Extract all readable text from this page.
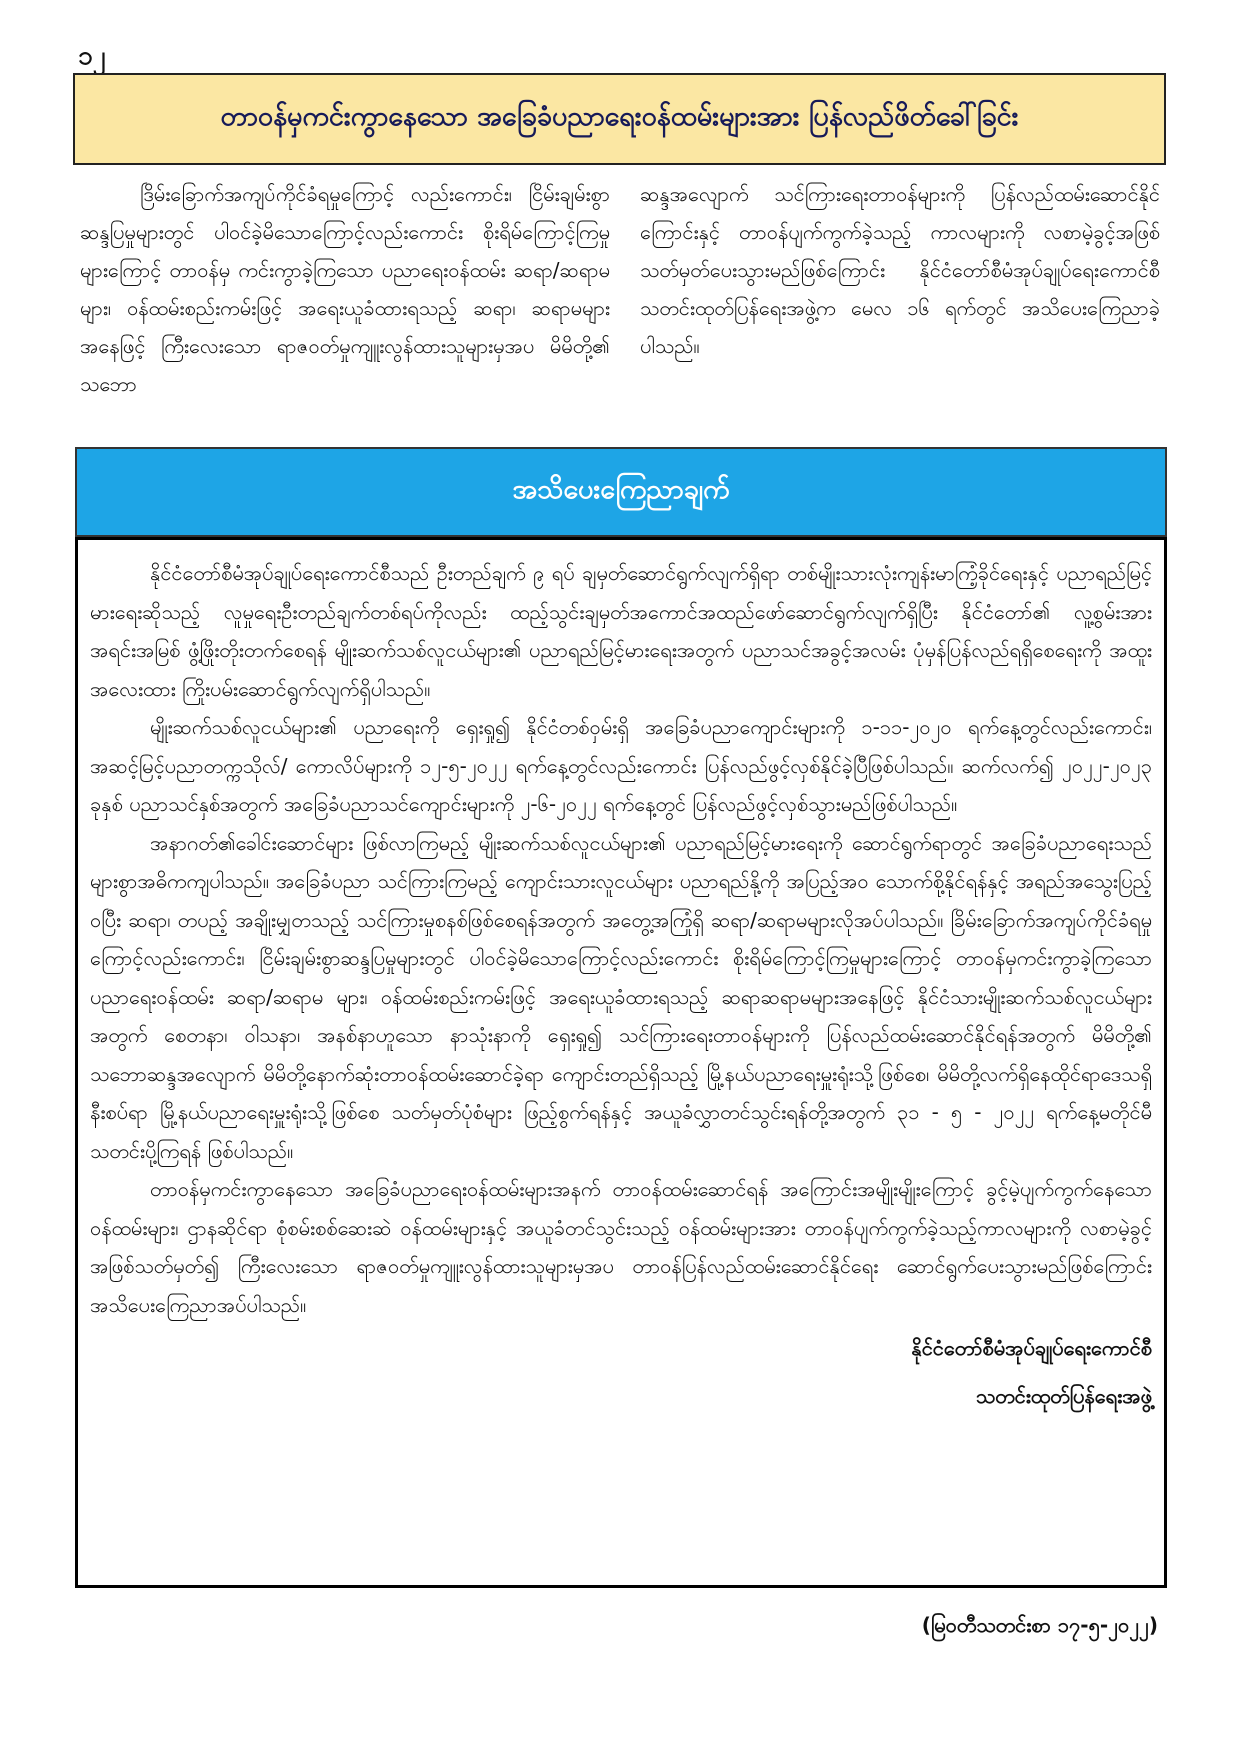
၁၂
တာဝန်မှကင်းကွာနေသော အခြေခံပညာရေးဝန်ထမ်းများအား ပြန်လည်ဖိတ်ခေါ်ခြင်း
ဒြိမ်းခြောက်အကျပ်ကိုင်ခံရမှုကြောင့် လည်းကောင်း၊ ငြိမ်းချမ်းစွာဆန္ဒပြမှုများတွင် ပါဝင်ခဲ့မိသောကြောင့်လည်းကောင်း စိုးရိမ်ကြောင့်ကြမှုများကြောင့် တာဝန်မှ ကင်းကွာခဲ့ကြသော ပညာရေးဝန်ထမ်း ဆရာ/ဆရာမများ၊ ဝန်ထမ်းစည်းကမ်းဖြင့် အရေးယူခံထားရသည့် ဆရာ၊ ဆရာမများအနေဖြင့် ကြီးလေးသော ရာဇဝတ်မှုကျူးလွန်ထားသူများမှအပ မိမိတို့၏ သဘော
ဆန္ဒအလျောက် သင်ကြားရေးတာဝန်များကို ပြန်လည်ထမ်းဆောင်နိုင်ကြောင်းနှင့် တာဝန်ပျက်ကွက်ခဲ့သည့် ကာလများကို လစာမဲ့ခွင့်အဖြစ် သတ်မှတ်ပေးသွားမည်ဖြစ်ကြောင်း နိုင်ငံတော်စီမံအုပ်ချုပ်ရေးကောင်စီ သတင်းထုတ်ပြန်ရေးအဖွဲ့က မေလ ၁၆ ရက်တွင် အသိပေးကြေညာခဲ့ပါသည်။
အသိပေးကြေညာချက်

နိုင်ငံတော်စီမံအုပ်ချုပ်ရေးကောင်စီသည် ဦးတည်ချက် ၉ ရပ် ချမှတ်ဆောင်ရွက်လျက်ရှိရာ တစ်မျိုးသားလုံးကျန်းမာကြံ့ခိုင်ရေးနှင့် ပညာရည်မြင့်မားရေးဆိုသည့် လူမှုရေးဦးတည်ချက်တစ်ရပ်ကိုလည်း ထည့်သွင်းချမှတ်အကောင်အထည်ဖော်ဆောင်ရွက်လျက်ရှိပြီး နိုင်ငံတော်၏ လူ့စွမ်းအားအရင်းအမြစ် ဖွံ့ဖြိုးတိုးတက်စေရန် မျိုးဆက်သစ်လူငယ်များ၏ ပညာရည်မြင့်မားရေးအတွက် ပညာသင်အခွင့်အလမ်း ပုံမှန်ပြန်လည်ရရှိစေရေးကို အထူးအလေးထား ကြိုးပမ်းဆောင်ရွက်လျက်ရှိပါသည်။

မျိုးဆက်သစ်လူငယ်များ၏ ပညာရေးကို ရှေးရှု၍ နိုင်ငံတစ်ဝှမ်းရှိ အခြေခံပညာကျောင်းများကို ၁-၁၁-၂၀၂၀ ရက်နေ့တွင်လည်းကောင်း၊ အဆင့်မြင့်ပညာတက္ကသိုလ်/ ကောလိပ်များကို ၁၂-၅-၂၀၂၂ ရက်နေ့တွင်လည်းကောင်း ပြန်လည်ဖွင့်လှစ်နိုင်ခဲ့ပြီဖြစ်ပါသည်။ ဆက်လက်၍ ၂၀၂၂-၂၀၂၃ ခုနှစ် ပညာသင်နှစ်အတွက် အခြေခံပညာသင်ကျောင်းများကို ၂-၆-၂၀၂၂ ရက်နေ့တွင် ပြန်လည်ဖွင့်လှစ်သွားမည်ဖြစ်ပါသည်။

အနာဂတ်၏ခေါင်းဆောင်များ ဖြစ်လာကြမည့် မျိုးဆက်သစ်လူငယ်များ၏ ပညာရည်မြင့်မားရေးကို ဆောင်ရွက်ရာတွင် အခြေခံပညာရေးသည် များစွာအဓိကကျပါသည်။ အခြေခံပညာ သင်ကြားကြမည့် ကျောင်းသားလူငယ်များ ပညာရည်နို့ကို အပြည့်အဝ သောက်စို့နိုင်ရန်နှင့် အရည်အသွေးပြည့်ဝပြီး ဆရာ၊ တပည့် အချိုးမျှတသည့် သင်ကြားမှုစနစ်ဖြစ်စေရန်အတွက် အတွေ့အကြုံရှိ ဆရာ/ဆရာမများလိုအပ်ပါသည်။ ခြိမ်းခြောက်အကျပ်ကိုင်ခံရမှုကြောင့်လည်းကောင်း၊ ငြိမ်းချမ်းစွာဆန္ဒပြမှုများတွင် ပါဝင်ခဲ့မိသောကြောင့်လည်းကောင်း စိုးရိမ်ကြောင့်ကြမှုများကြောင့် တာဝန်မှကင်းကွာခဲ့ကြသော ပညာရေးဝန်ထမ်း ဆရာ/ဆရာမ များ၊ ဝန်ထမ်းစည်းကမ်းဖြင့် အရေးယူခံထားရသည့် ဆရာဆရာမများအနေဖြင့် နိုင်ငံသားမျိုးဆက်သစ်လူငယ်များအတွက် စေတနာ၊ ဝါသနာ၊ အနစ်နာဟူသော နာသုံးနာကို ရှေးရှု၍ သင်ကြားရေးတာဝန်များကို ပြန်လည်ထမ်းဆောင်နိုင်ရန်အတွက် မိမိတို့၏ သဘောဆန္ဒအလျောက် မိမိတို့နောက်ဆုံးတာဝန်ထမ်းဆောင်ခဲ့ရာ ကျောင်းတည်ရှိသည့် မြို့နယ်ပညာရေးမှူးရုံးသို့ဖြစ်စေ၊ မိမိတို့လက်ရှိနေထိုင်ရာဒေသရှိ နီးစပ်ရာ မြို့နယ်ပညာရေးမှူးရုံးသို့ဖြစ်စေ သတ်မှတ်ပုံစံများ ဖြည့်စွက်ရန်နှင့် အယူခံလွှာတင်သွင်းရန်တို့အတွက် ၃၁ - ၅ - ၂၀၂၂ ရက်နေ့မတိုင်မီ သတင်းပို့ကြရန် ဖြစ်ပါသည်။

တာဝန်မှကင်းကွာနေသော အခြေခံပညာရေးဝန်ထမ်းများအနက် တာဝန်ထမ်းဆောင်ရန် အကြောင်းအမျိုးမျိုးကြောင့် ခွင့်မဲ့ပျက်ကွက်နေသော ဝန်ထမ်းများ၊ ဌာနဆိုင်ရာ စုံစမ်းစစ်ဆေးဆဲ ဝန်ထမ်းများနှင့် အယူခံတင်သွင်းသည့် ဝန်ထမ်းများအား တာဝန်ပျက်ကွက်ခဲ့သည့်ကာလများကို လစာမဲ့ခွင့်အဖြစ်သတ်မှတ်၍ ကြီးလေးသော ရာဇဝတ်မှုကျူးလွန်ထားသူများမှအပ တာဝန်ပြန်လည်ထမ်းဆောင်နိုင်ရေး ဆောင်ရွက်ပေးသွားမည်ဖြစ်ကြောင်း အသိပေးကြေညာအပ်ပါသည်။

နိုင်ငံတော်စီမံအုပ်ချုပ်ရေးကောင်စီ
သတင်းထုတ်ပြန်ရေးအဖွဲ့
(မြဝတီသတင်းစာ ၁၇-၅-၂၀၂၂)
